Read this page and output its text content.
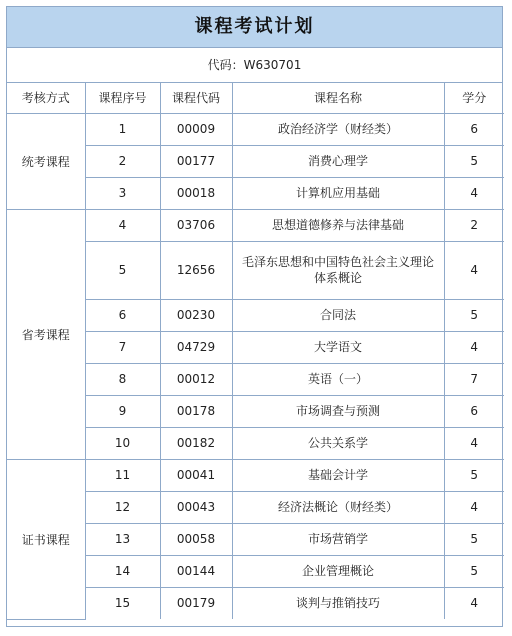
课程考试计划
代码：W630701
考核方式	课程序号	课程代码	课程名称	学分
统考课程	1	00009	政治经济学（财经类）	6
	2	00177	消费心理学	5
	3	00018	计算机应用基础	4
省考课程	4	03706	思想道德修养与法律基础	2
	5	12656	毛泽东思想和中国特色社会主义理论体系概论	4
	6	00230	合同法	5
	7	04729	大学语文	4
	8	00012	英语（一）	7
	9	00178	市场调查与预测	6
	10	00182	公共关系学	4
证书课程	11	00041	基础会计学	5
	12	00043	经济法概论（财经类）	4
	13	00058	市场营销学	5
	14	00144	企业管理概论	5
	15	00179	谈判与推销技巧	4
